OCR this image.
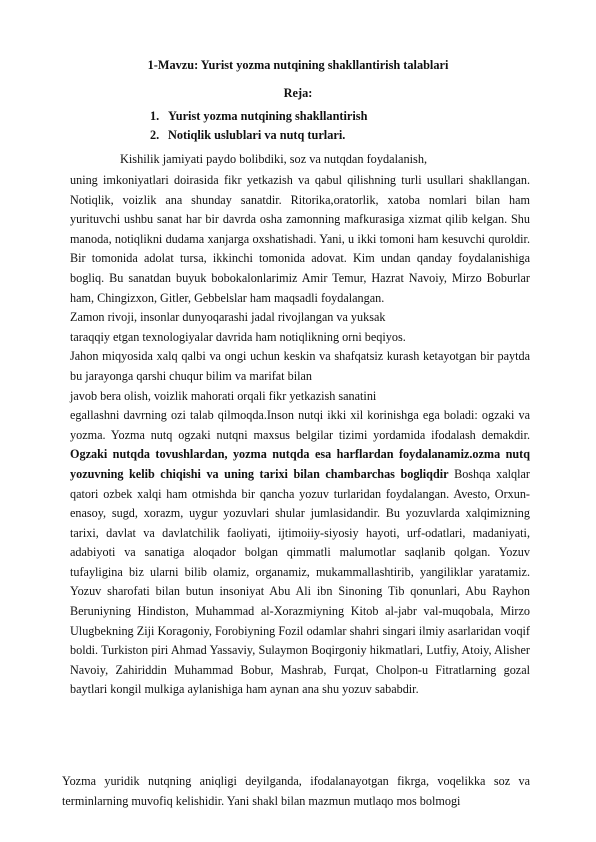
1-Mavzu: Yurist yozma nutqining shakllantirish talablari
Reja:
1. Yurist yozma nutqining shakllantirish
2. Notiqlik uslublari va nutq turlari.
Kishilik jamiyati paydo bolibdiki, soz va nutqdan foydalanish,

uning imkoniyatlari doirasida fikr yetkazish va qabul qilishning turli usullari shakllangan. Notiqlik, voizlik ana shunday sanatdir. Ritorika,oratorlik, xatoba nomlari bilan ham yurituvchi ushbu sanat har bir davrda osha zamonning mafkurasiga xizmat qilib kelgan. Shu manoda, notiqlikni dudama xanjarga oxshatishadi. Yani, u ikki tomoni ham kesuvchi quroldir. Bir tomonida adolat tursa, ikkinchi tomonida adovat. Kim undan qanday foydalanishiga bogliq. Bu sanatdan buyuk bobokalonlarimiz Amir Temur, Hazrat Navoiy, Mirzo Boburlar ham, Chingizxon, Gitler, Gebbelslar ham maqsadli foydalangan.

Zamon rivoji, insonlar dunyoqarashi jadal rivojlangan va yuksak

taraqqiy etgan texnologiyalar davrida ham notiqlikning orni beqiyos.

Jahon miqyosida xalq qalbi va ongi uchun keskin va shafqatsiz kurash ketayotgan bir paytda bu jarayonga qarshi chuqur bilim va marifat bilan

javob bera olish, voizlik mahorati orqali fikr yetkazish sanatini

egallashni davrning ozi talab qilmoqda.Inson nutqi ikki xil korinishga ega boladi: ogzaki va yozma. Yozma nutq ogzaki nutqni maxsus belgilar tizimi yordamida ifodalash demakdir. Ogzaki nutqda tovushlardan, yozma nutqda esa harflardan foydalanamiz.ozma nutq yozuvning kelib chiqishi va uning tarixi bilan chambarchas bogliqdir Boshqa xalqlar qatori ozbek xalqi ham otmishda bir qancha yozuv turlaridan foydalangan. Avesto, Orxun-enasoy, sugd, xorazm, uygur yozuvlari shular jumlasidandir. Bu yozuvlarda xalqimizning tarixi, davlat va davlatchilik faoliyati, ijtimoiiy-siyosiy hayoti, urf-odatlari, madaniyati, adabiyoti va sanatiga aloqador bolgan qimmatli malumotlar saqlanib qolgan. Yozuv tufayligina biz ularni bilib olamiz, organamiz, mukammallashtirib, yangiliklar yaratamiz. Yozuv sharofati bilan butun insoniyat Abu Ali ibn Sinoning Tib qonunlari, Abu Rayhon Beruniyning Hindiston, Muhammad al-Xorazmiyning Kitob al-jabr val-muqobala, Mirzo Ulugbekning Ziji Koragoniy, Forobiyning Fozil odamlar shahri singari ilmiy asarlaridan voqif boldi. Turkiston piri Ahmad Yassaviy, Sulaymon Boqirgoniy hikmatlari, Lutfiy, Atoiy, Alisher Navoiy, Zahiriddin Muhammad Bobur, Mashrab, Furqat, Cholpon-u Fitratlarning gozal baytlari kongil mulkiga aylanishiga ham aynan ana shu yozuv sababdir.

Yozma yuridik nutqning aniqligi deyilganda, ifodalanayotgan fikrga, voqelikka soz va terminlarning muvofiq kelishidir. Yani shakl bilan mazmun mutlaqo mos bolmogi
